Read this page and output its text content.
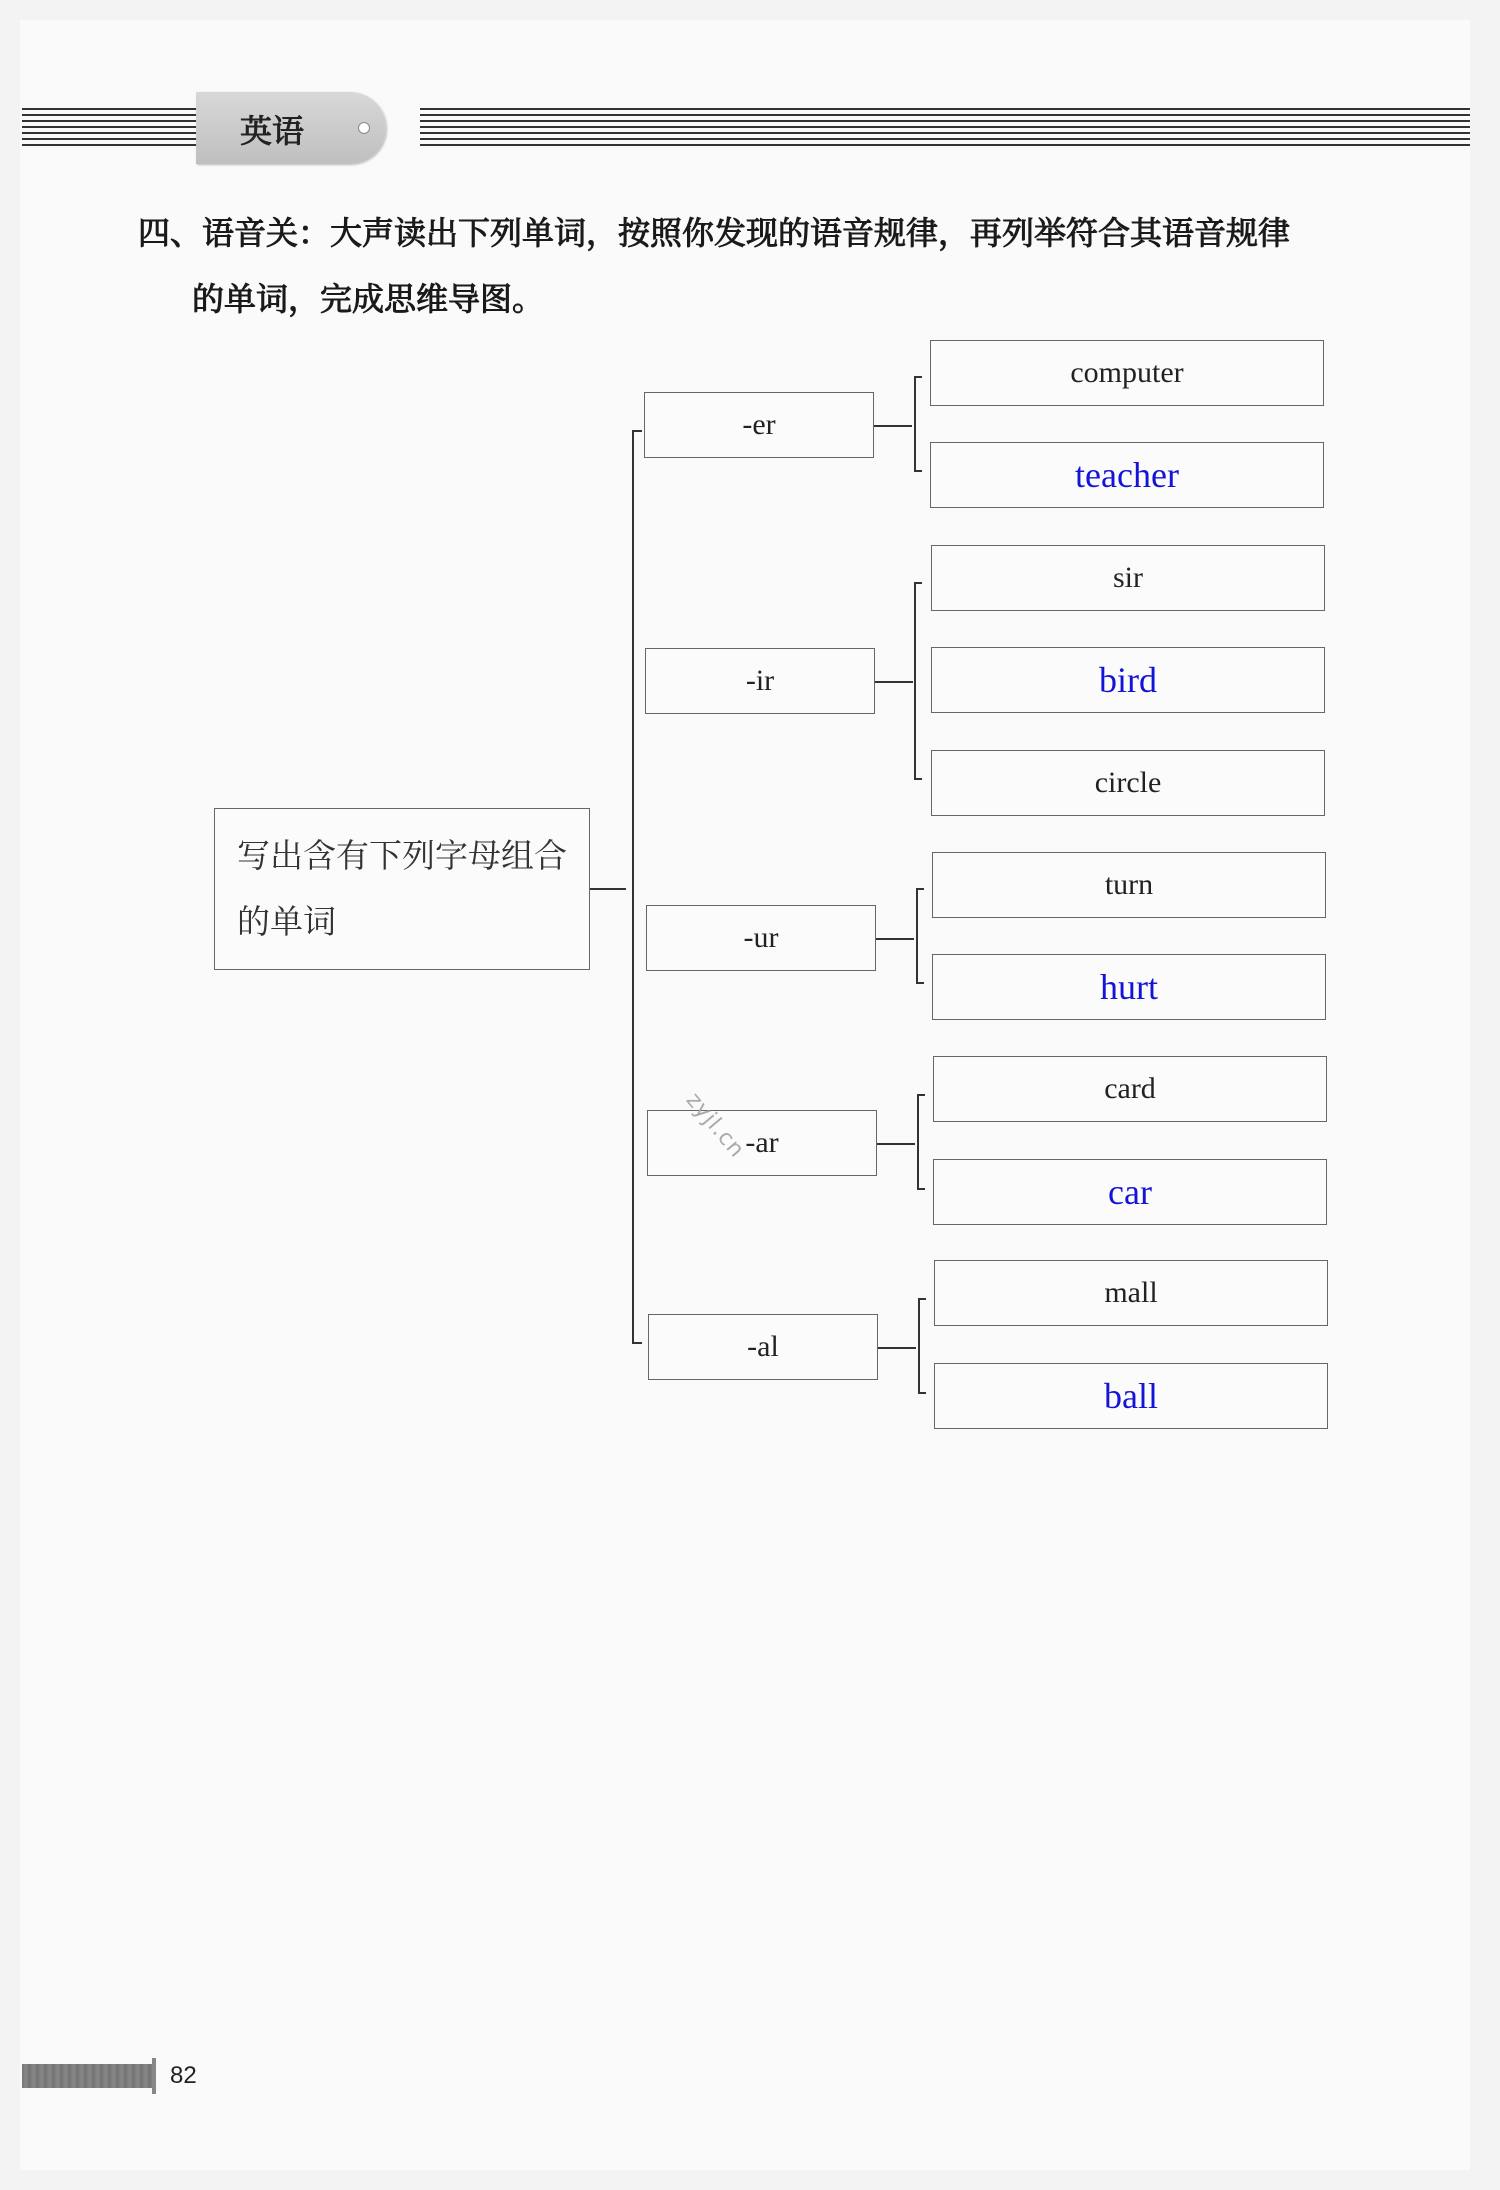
英语
四、语音关：大声读出下列单词，按照你发现的语音规律，再列举符合其语音规律
的单词，完成思维导图。
写出含有下列字母组合的单词
-er
computer
teacher
-ir
sir
bird
circle
-ur
turn
hurt
-ar
card
car
-al
mall
ball
zyjl.cn
82
